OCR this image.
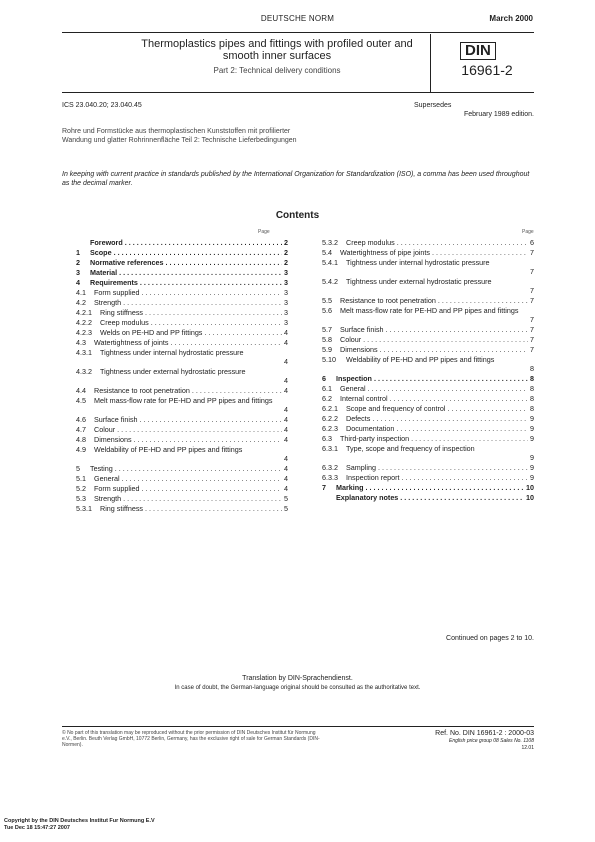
DEUTSCHE NORM	March 2000
Thermoplastics pipes and fittings with profiled outer and smooth inner surfaces
Part 2: Technical delivery conditions
DIN
16961-2
ICS 23.040.20; 23.040.45	Supersedes
February 1989 edition.
Rohre und Formstücke aus thermoplastischen Kunststoffen mit profilierter Wandung und glatter Rohrinnenfläche Teil 2: Technische Lieferbedingungen
In keeping with current practice in standards published by the International Organization for Standardization (ISO), a comma has been used throughout as the decimal marker.
Contents
Page	Page
Foreword . . .	2
1 Scope . . .	2
2 Normative references . . .	2
3 Material . . .	3
4 Requirements . . .	3
4.1 Form supplied . . .	3
4.2 Strength . . .	3
4.2.1 Ring stiffness . . .	3
4.2.2 Creep modulus . . .	3
4.2.3 Welds on PE-HD and PP fittings . . .	4
4.3 Watertightness of joints . . .	4
4.3.1 Tightness under internal hydrostatic pressure
4
4.3.2 Tightness under external hydrostatic pressure
4
4.4 Resistance to root penetration . . .	4
4.5 Melt mass-flow rate for PE-HD and PP pipes and fittings
4
4.6 Surface finish . . .	4
4.7 Colour . . .	4
4.8 Dimensions . . .	4
4.9 Weldability of PE-HD and PP pipes and fittings
4
5 Testing . . .	4
5.1 General . . .	4
5.2 Form supplied . . .	4
5.3 Strength . . .	5
5.3.1 Ring stiffness . . .	5
5.3.2 Creep modulus . . .	6
5.4 Watertightness of pipe joints . . .	7
5.4.1 Tightness under internal hydrostatic pressure
7
5.4.2 Tightness under external hydrostatic pressure
7
5.5 Resistance to root penetration . . .	7
5.6 Melt mass-flow rate for PE-HD and PP pipes and fittings
7
5.7 Surface finish . . .	7
5.8 Colour . . .	7
5.9 Dimensions . . .	7
5.10 Weldability of PE-HD and PP pipes and fittings
8
6 Inspection . . .	8
6.1 General . . .	8
6.2 Internal control . . .	8
6.2.1 Scope and frequency of control . . .	8
6.2.2 Defects . . .	9
6.2.3 Documentation . . .	9
6.3 Third-party inspection . . .	9
6.3.1 Type, scope and frequency of inspection
9
6.3.2 Sampling . . .	9
6.3.3 Inspection report . . .	9
7 Marking . . .	10
Explanatory notes . . .	10
Continued on pages 2 to 10.
Translation by DIN-Sprachendienst.
In case of doubt, the German-language original should be consulted as the authoritative text.
© No part of this translation may be reproduced without the prior permission of DIN Deutsches Institut für Normung e.V., Berlin. Beuth Verlag GmbH, 10772 Berlin, Germany, has the exclusive right of sale for German Standards (DIN-Normen).
Ref. No. DIN 16961-2 : 2000-03
English price group 08 Sales No. 1108
12.01
Copyright by the DIN Deutsches Institut Fur Normung E.V
Tue Dec 18 15:47:27 2007
